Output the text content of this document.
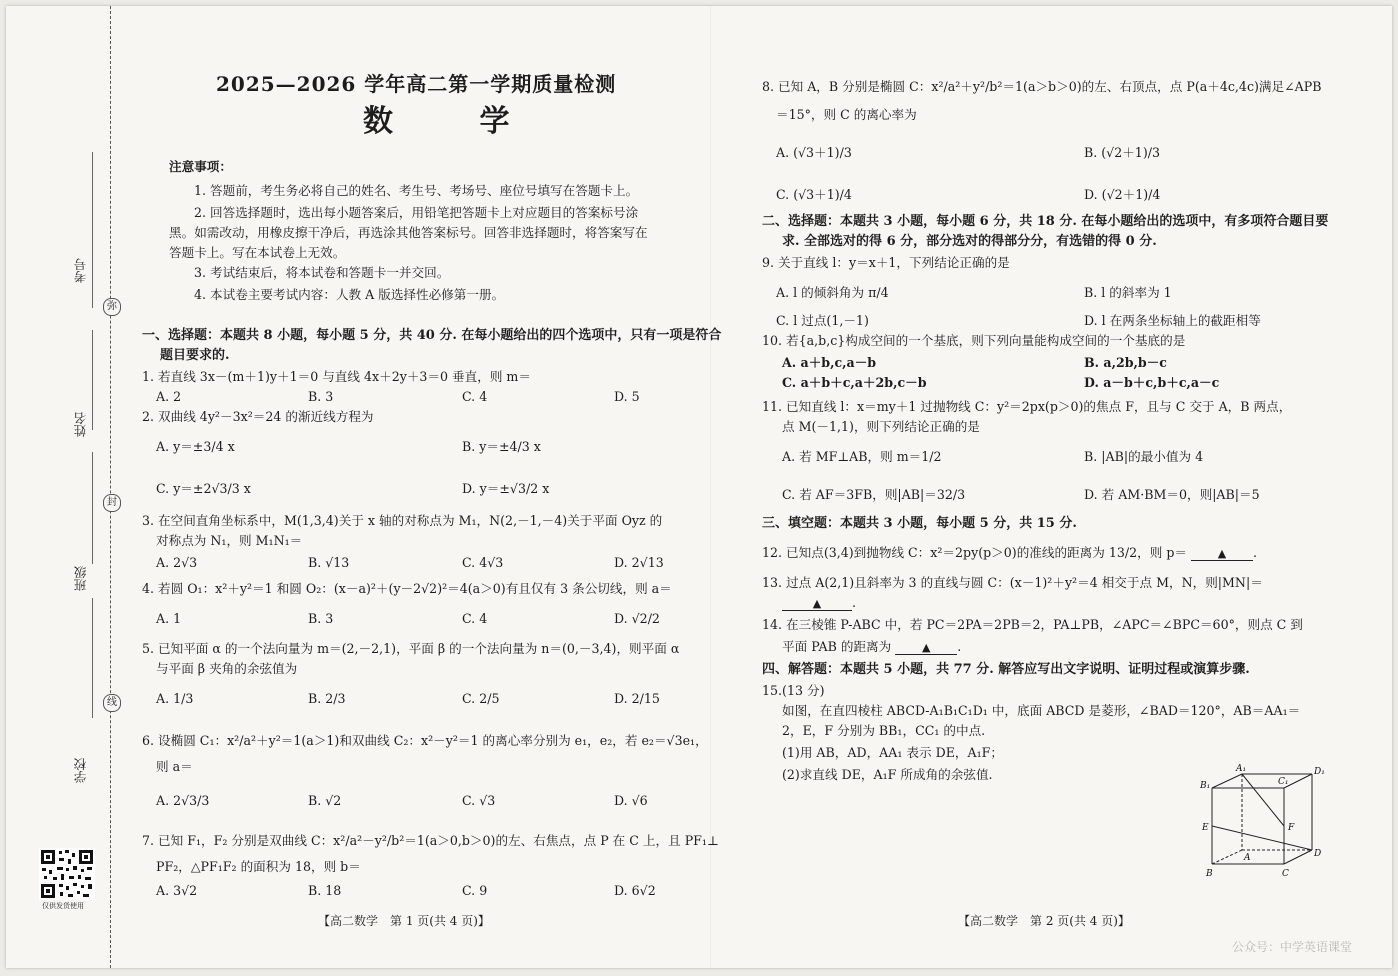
考号
姓名
班级
学校
弥
封
线
仅供发货使用
2025—2026 学年高二第一学期质量检测
数 学
注意事项：
1. 答题前，考生务必将自己的姓名、考生号、考场号、座位号填写在答题卡上。
2. 回答选择题时，选出每小题答案后，用铅笔把答题卡上对应题目的答案标号涂
黑。如需改动，用橡皮擦干净后，再选涂其他答案标号。回答非选择题时，将答案写在
答题卡上。写在本试卷上无效。
3. 考试结束后，将本试卷和答题卡一并交回。
4. 本试卷主要考试内容：人教 A 版选择性必修第一册。
一、选择题：本题共 8 小题，每小题 5 分，共 40 分. 在每小题给出的四个选项中，只有一项是符合
题目要求的.
1. 若直线 3x－(m＋1)y＋1＝0 与直线 4x＋2y＋3＝0 垂直，则 m＝
A. 2	B. 3	C. 4	D. 5
2. 双曲线 4y²－3x²＝24 的渐近线方程为
A. y＝±3/4 x	B. y＝±4/3 x
C. y＝±2√3/3 x	D. y＝±√3/2 x
3. 在空间直角坐标系中，M(1,3,4)关于 x 轴的对称点为 M₁，N(2,－1,－4)关于平面 Oyz 的
对称点为 N₁，则 M₁N₁＝
A. 2√3	B. √13	C. 4√3	D. 2√13
4. 若圆 O₁：x²＋y²＝1 和圆 O₂：(x－a)²＋(y－2√2)²＝4(a＞0)有且仅有 3 条公切线，则 a＝
A. 1	B. 3	C. 4	D. √2/2
5. 已知平面 α 的一个法向量为 m＝(2,－2,1)，平面 β 的一个法向量为 n＝(0,－3,4)，则平面 α
与平面 β 夹角的余弦值为
A. 1/3	B. 2/3	C. 2/5	D. 2/15
6. 设椭圆 C₁：x²/a²＋y²＝1(a＞1)和双曲线 C₂：x²－y²＝1 的离心率分别为 e₁，e₂，若 e₂＝√3e₁，
则 a＝
A. 2√3/3	B. √2	C. √3	D. √6
7. 已知 F₁，F₂ 分别是双曲线 C：x²/a²－y²/b²＝1(a＞0,b＞0)的左、右焦点，点 P 在 C 上，且 PF₁⊥
PF₂，△PF₁F₂ 的面积为 18，则 b＝
A. 3√2	B. 18	C. 9	D. 6√2
【高二数学　第 1 页(共 4 页)】
8. 已知 A，B 分别是椭圆 C：x²/a²＋y²/b²＝1(a＞b＞0)的左、右顶点，点 P(a＋4c,4c)满足∠APB
＝15°，则 C 的离心率为
A. (√3＋1)/3	B. (√2＋1)/3
C. (√3＋1)/4	D. (√2＋1)/4
二、选择题：本题共 3 小题，每小题 6 分，共 18 分. 在每小题给出的选项中，有多项符合题目要
求. 全部选对的得 6 分，部分选对的得部分分，有选错的得 0 分.
9. 关于直线 l：y＝x＋1，下列结论正确的是
A. l 的倾斜角为 π/4	B. l 的斜率为 1
C. l 过点(1,－1)	D. l 在两条坐标轴上的截距相等
10. 若{a,b,c}构成空间的一个基底，则下列向量能构成空间的一个基底的是
A. a＋b,c,a－b	B. a,2b,b－c
C. a＋b＋c,a＋2b,c－b	D. a－b＋c,b＋c,a－c
11. 已知直线 l：x＝my＋1 过抛物线 C：y²＝2px(p＞0)的焦点 F，且与 C 交于 A，B 两点，
点 M(－1,1)，则下列结论正确的是
A. 若 MF⊥AB，则 m＝1/2	B. |AB|的最小值为 4
C. 若 AF＝3FB，则|AB|＝32/3	D. 若 AM·BM＝0，则|AB|＝5
三、填空题：本题共 3 小题，每小题 5 分，共 15 分.
12. 已知点(3,4)到抛物线 C：x²＝2py(p＞0)的准线的距离为 13/2，则 p＝	▲ .
13. 过点 A(2,1)且斜率为 3 的直线与圆 C：(x－1)²＋y²＝4 相交于点 M，N，则|MN|＝
▲ .
14. 在三棱锥 P-ABC 中，若 PC＝2PA＝2PB＝2，PA⊥PB，∠APC＝∠BPC＝60°，则点 C 到
平面 PAB 的距离为	▲ .
四、解答题：本题共 5 小题，共 77 分. 解答应写出文字说明、证明过程或演算步骤.
15.(13 分)
如图，在直四棱柱 ABCD-A₁B₁C₁D₁ 中，底面 ABCD 是菱形，∠BAD＝120°，AB＝AA₁＝
2，E，F 分别为 BB₁，CC₁ 的中点.
(1)用 AB，AD，AA₁ 表示 DE，A₁F；
(2)求直线 DE，A₁F 所成角的余弦值.	A₁
B₁	C₁
D₁
E	F
A
B	C
D
【高二数学　第 2 页(共 4 页)】
公众号：中学英语课堂
